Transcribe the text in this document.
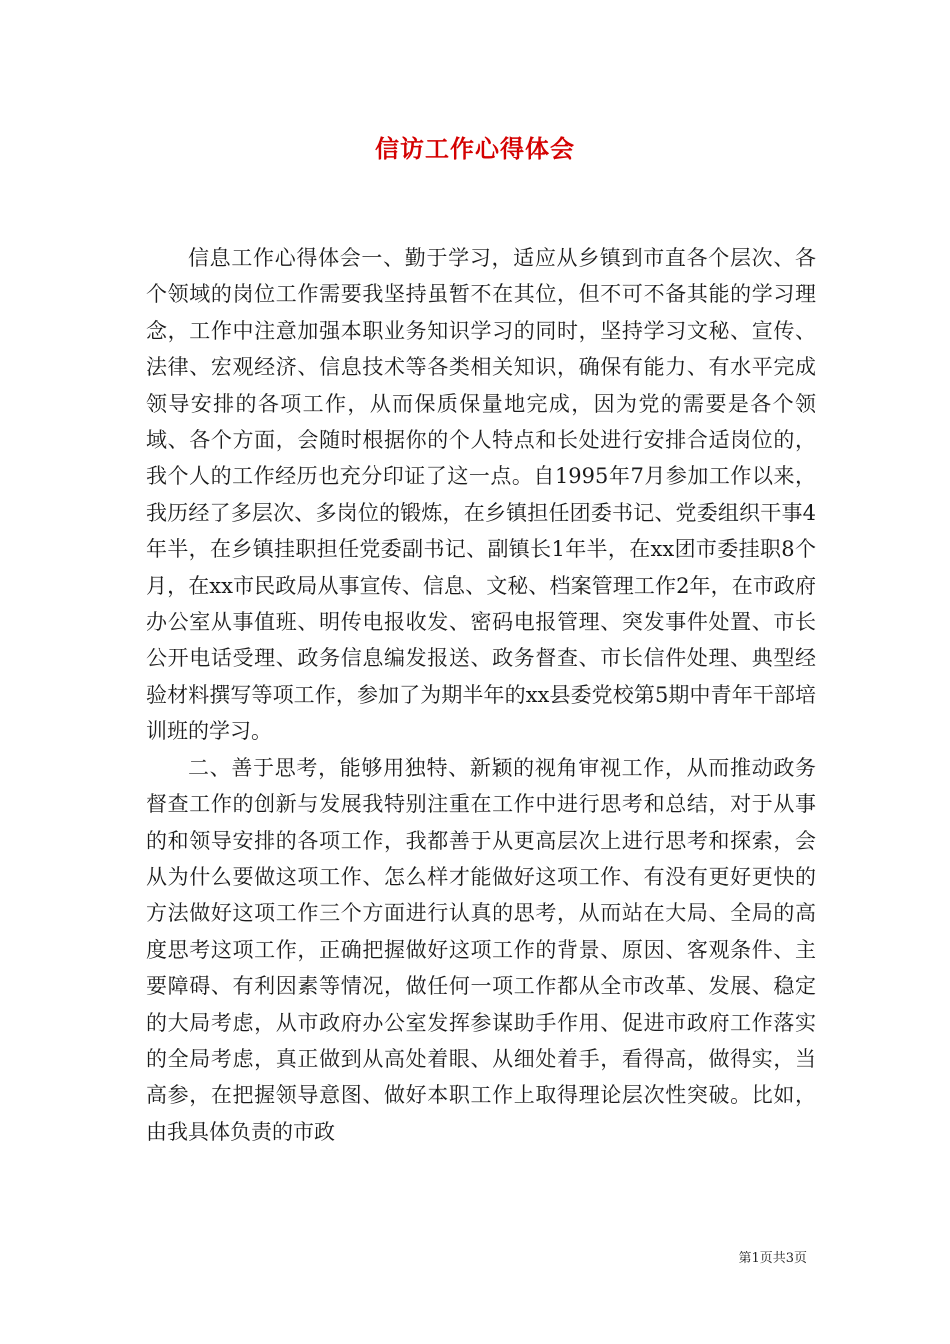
信访工作心得体会

信息工作心得体会一、勤于学习，适应从乡镇到市直各个层次、各个领域的岗位工作需要我坚持虽暂不在其位，但不可不备其能的学习理念，工作中注意加强本职业务知识学习的同时，坚持学习文秘、宣传、法律、宏观经济、信息技术等各类相关知识，确保有能力、有水平完成领导安排的各项工作，从而保质保量地完成，因为党的需要是各个领域、各个方面，会随时根据你的个人特点和长处进行安排合适岗位的，我个人的工作经历也充分印证了这一点。自1995年7月参加工作以来，我历经了多层次、多岗位的锻炼，在乡镇担任团委书记、党委组织干事4年半，在乡镇挂职担任党委副书记、副镇长1年半，在xx团市委挂职8个月，在xx市民政局从事宣传、信息、文秘、档案管理工作2年，在市政府办公室从事值班、明传电报收发、密码电报管理、突发事件处置、市长公开电话受理、政务信息编发报送、政务督查、市长信件处理、典型经验材料撰写等项工作，参加了为期半年的xx县委党校第5期中青年干部培训班的学习。

二、善于思考，能够用独特、新颖的视角审视工作，从而推动政务督查工作的创新与发展我特别注重在工作中进行思考和总结，对于从事的和领导安排的各项工作，我都善于从更高层次上进行思考和探索，会从为什么要做这项工作、怎么样才能做好这项工作、有没有更好更快的方法做好这项工作三个方面进行认真的思考，从而站在大局、全局的高度思考这项工作，正确把握做好这项工作的背景、原因、客观条件、主要障碍、有利因素等情况，做任何一项工作都从全市改革、发展、稳定的大局考虑，从市政府办公室发挥参谋助手作用、促进市政府工作落实的全局考虑，真正做到从高处着眼、从细处着手，看得高，做得实，当高参，在把握领导意图、做好本职工作上取得理论层次性突破。比如，由我具体负责的市政

第1页共3页
